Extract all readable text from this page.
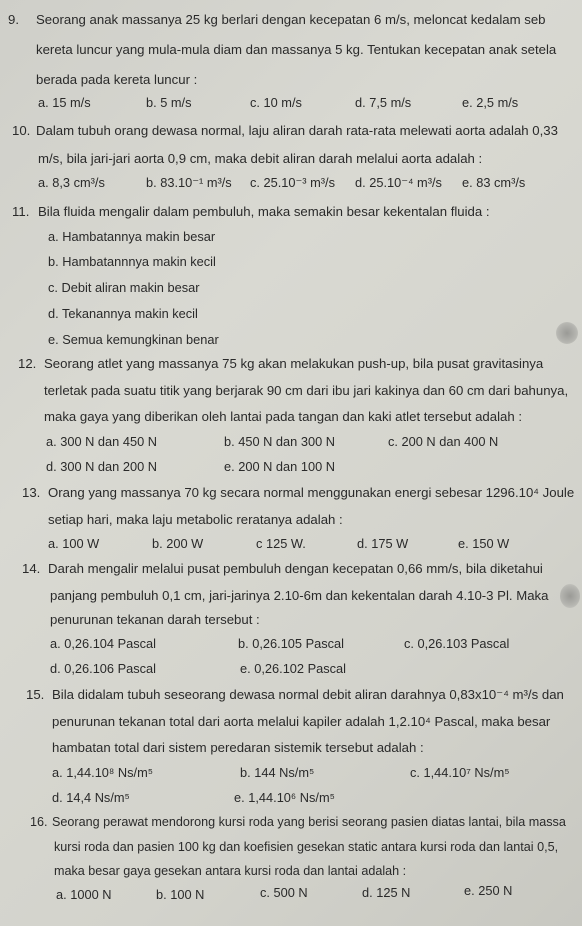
9. Seorang anak massanya 25 kg berlari dengan kecepatan 6 m/s, meloncat kedalam seb
kereta luncur yang mula-mula diam dan massanya 5 kg. Tentukan kecepatan anak setela
berada pada kereta luncur :
a. 15 m/s	b. 5 m/s	c. 10 m/s	d. 7,5 m/s	e. 2,5 m/s
10. Dalam tubuh orang dewasa normal, laju aliran darah rata-rata melewati aorta adalah 0,33
m/s, bila jari-jari aorta 0,9 cm, maka debit aliran darah melalui aorta adalah :
a. 8,3 cm³/s	b. 83.10⁻¹ m³/s c. 25.10⁻³ m³/s d. 25.10⁻⁴ m³/s e. 83 cm³/s
11. Bila fluida mengalir dalam pembuluh, maka semakin besar kekentalan fluida :
a. Hambatannya makin besar
b. Hambatannnya makin kecil
c. Debit aliran makin besar
d. Tekanannya makin kecil
e. Semua kemungkinan benar
12. Seorang atlet yang massanya 75 kg akan melakukan push-up, bila pusat gravitasinya
terletak pada suatu titik yang berjarak 90 cm dari ibu jari kakinya dan 60 cm dari bahunya,
maka gaya yang diberikan oleh lantai pada tangan dan kaki atlet tersebut adalah :
a. 300 N dan 450 N	b. 450 N dan 300 N	c. 200 N dan 400 N
d. 300 N dan 200 N	e. 200 N dan 100 N
13. Orang yang massanya 70 kg secara normal menggunakan energi sebesar 1296.10⁴ Joule
setiap hari, maka laju metabolic reratanya adalah :
a. 100 W	b. 200 W	c 125 W.	d. 175 W	e. 150 W
14. Darah mengalir melalui pusat pembuluh dengan kecepatan 0,66 mm/s, bila diketahui
panjang pembuluh 0,1 cm, jari-jarinya 2.10-6m dan kekentalan darah 4.10-3 Pl. Maka
penurunan tekanan darah tersebut :
a. 0,26.104 Pascal	b. 0,26.105 Pascal	c. 0,26.103 Pascal
d. 0,26.106 Pascal	e. 0,26.102 Pascal
15. Bila didalam tubuh seseorang dewasa normal debit aliran darahnya 0,83x10⁻⁴ m³/s dan
penurunan tekanan total dari aorta melalui kapiler adalah 1,2.10⁴ Pascal, maka besar
hambatan total dari sistem peredaran sistemik tersebut adalah :
a. 1,44.10⁸ Ns/m⁵	b. 144 Ns/m⁵	c. 1,44.10⁷ Ns/m⁵
d. 14,4 Ns/m⁵	e. 1,44.10⁶ Ns/m⁵
16. Seorang perawat mendorong kursi roda yang berisi seorang pasien diatas lantai, bila massa
kursi roda dan pasien 100 kg dan koefisien gesekan static antara kursi roda dan lantai 0,5,
maka besar gaya gesekan antara kursi roda dan lantai adalah :
a. 1000 N	b. 100 N	c. 500 N	d. 125 N	e. 250 N
